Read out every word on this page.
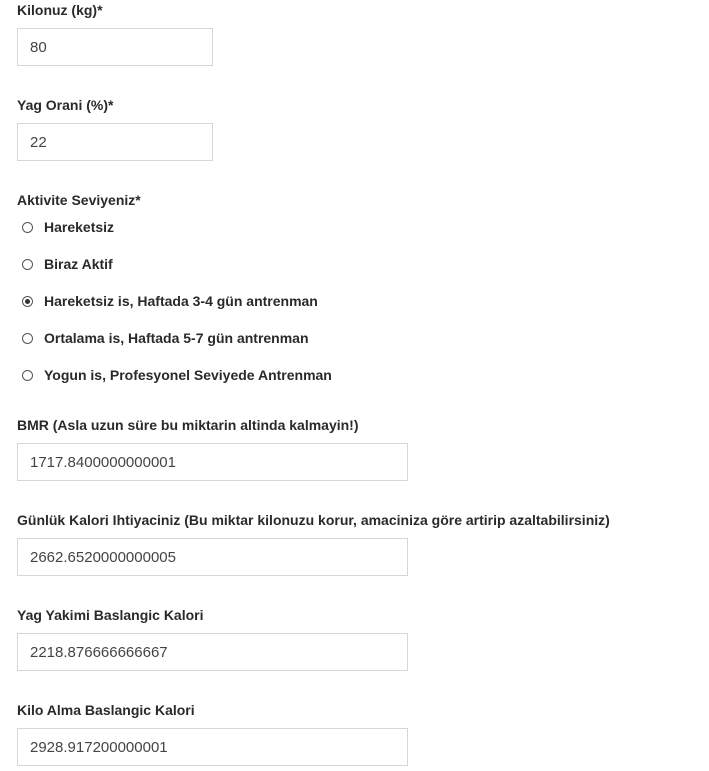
Kilonuz (kg)*
80
Yag Orani (%)*
22
Aktivite Seviyeniz*
Hareketsiz
Biraz Aktif
Hareketsiz is, Haftada 3-4 gün antrenman
Ortalama is, Haftada 5-7 gün antrenman
Yogun is, Profesyonel Seviyede Antrenman
BMR (Asla uzun süre bu miktarin altinda kalmayin!)
1717.8400000000001
Günlük Kalori Ihtiyaciniz (Bu miktar kilonuzu korur, amaciniza göre artirip azaltabilirsiniz)
2662.6520000000005
Yag Yakimi Baslangic Kalori
2218.876666666667
Kilo Alma Baslangic Kalori
2928.917200000001
